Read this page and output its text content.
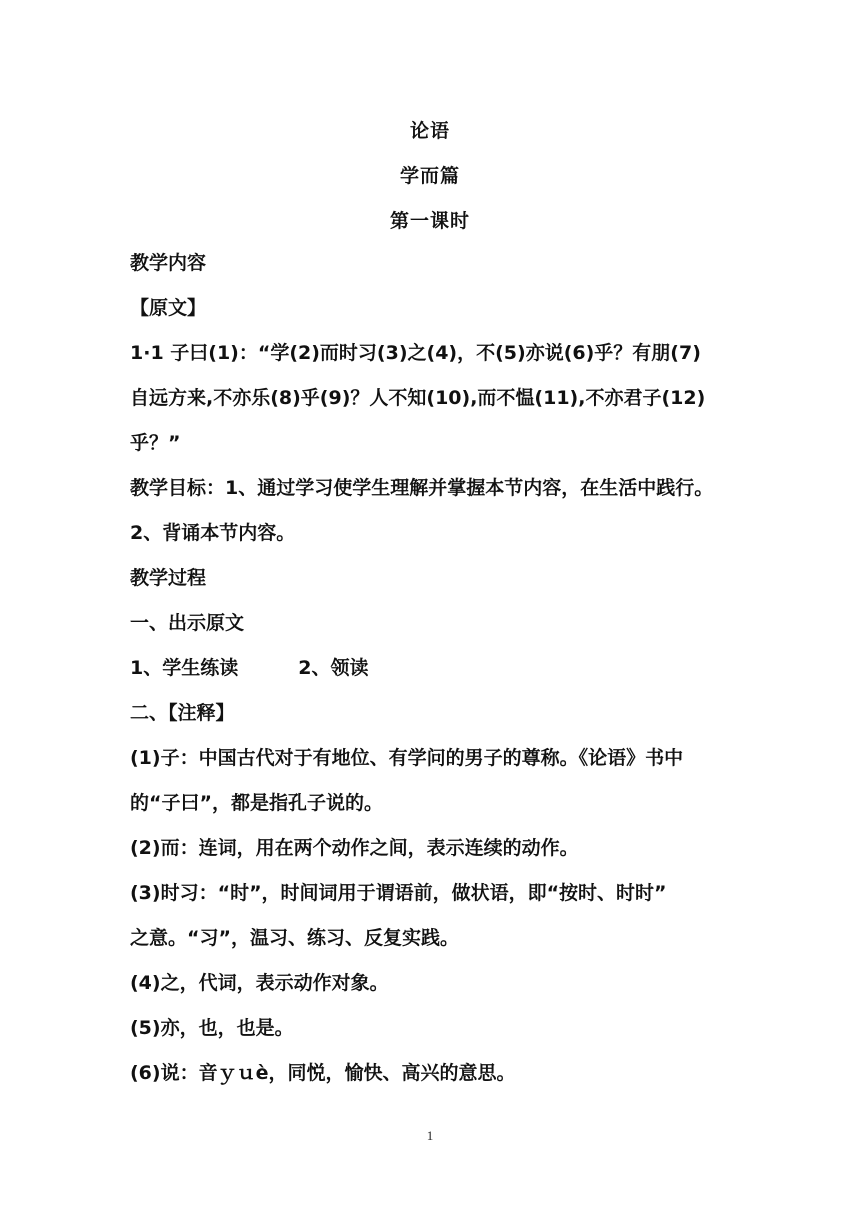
论语
学而篇
第一课时
教学内容
【原文】
1·1 子曰(1)：“学(2)而时习(3)之(4)，不(5)亦说(6)乎？有朋(7)
自远方来,不亦乐(8)乎(9)？人不知(10),而不愠(11),不亦君子(12)
乎？”
教学目标：1、通过学习使学生理解并掌握本节内容，在生活中践行。
2、背诵本节内容。
教学过程
一、出示原文
1、学生练读	2、领读
二、【注释】
(1)子：中国古代对于有地位、有学问的男子的尊称。《论语》书中
的“子曰”，都是指孔子说的。
(2)而：连词，用在两个动作之间，表示连续的动作。
(3)时习：“时”，时间词用于谓语前，做状语，即“按时、时时”
之意。“习”，温习、练习、反复实践。
(4)之，代词，表示动作对象。
(5)亦，也，也是。
(6)说：音ｙｕè，同悦，愉快、高兴的意思。
1
